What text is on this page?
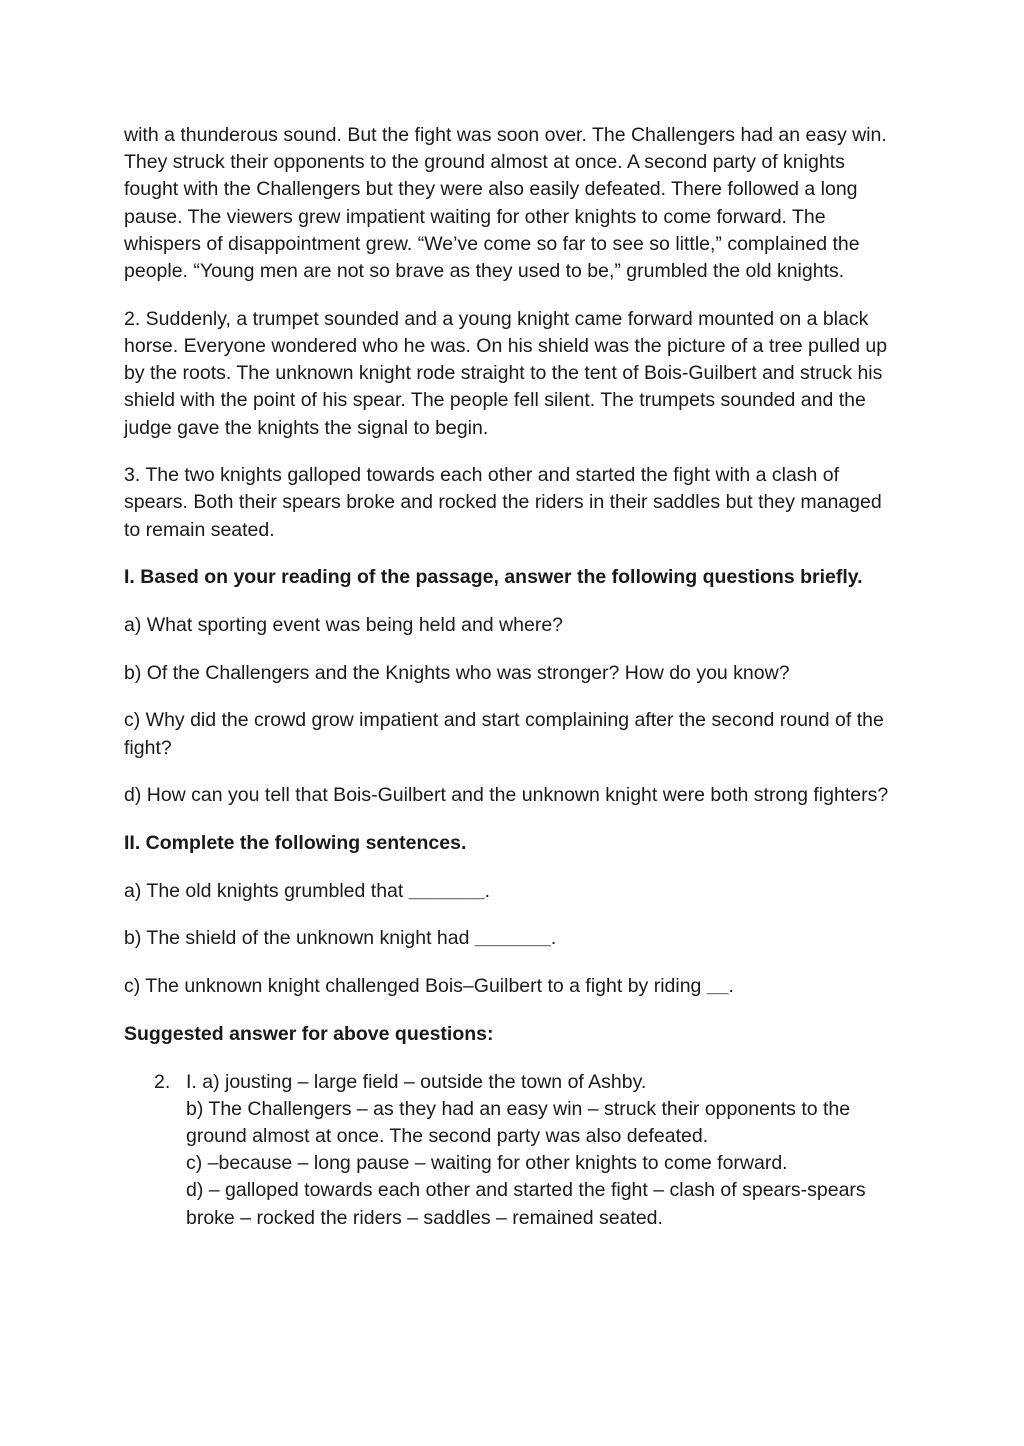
with a thunderous sound. But the fight was soon over. The Challengers had an easy win. They struck their opponents to the ground almost at once. A second party of knights fought with the Challengers but they were also easily defeated. There followed a long pause. The viewers grew impatient waiting for other knights to come forward. The whispers of disappointment grew. “We’ve come so far to see so little,” complained the people. “Young men are not so brave as they used to be,” grumbled the old knights.

2. Suddenly, a trumpet sounded and a young knight came forward mounted on a black horse. Everyone wondered who he was. On his shield was the picture of a tree pulled up by the roots. The unknown knight rode straight to the tent of Bois-Guilbert and struck his shield with the point of his spear. The people fell silent. The trumpets sounded and the judge gave the knights the signal to begin.

3. The two knights galloped towards each other and started the fight with a clash of spears. Both their spears broke and rocked the riders in their saddles but they managed to remain seated.

I. Based on your reading of the passage, answer the following questions briefly.

a) What sporting event was being held and where?

b) Of the Challengers and the Knights who was stronger? How do you know?

c) Why did the crowd grow impatient and start complaining after the second round of the fight?

d) How can you tell that Bois-Guilbert and the unknown knight were both strong fighters?

II. Complete the following sentences.

a) The old knights grumbled that _______.

b) The shield of the unknown knight had _______.

c) The unknown knight challenged Bois–Guilbert to a fight by riding __.

Suggested answer for above questions:

2. I. a) jousting – large field – outside the town of Ashby.
b) The Challengers – as they had an easy win – struck their opponents to the ground almost at once. The second party was also defeated.
c) –because – long pause – waiting for other knights to come forward.
d) – galloped towards each other and started the fight – clash of spears-spears broke – rocked the riders – saddles – remained seated.
